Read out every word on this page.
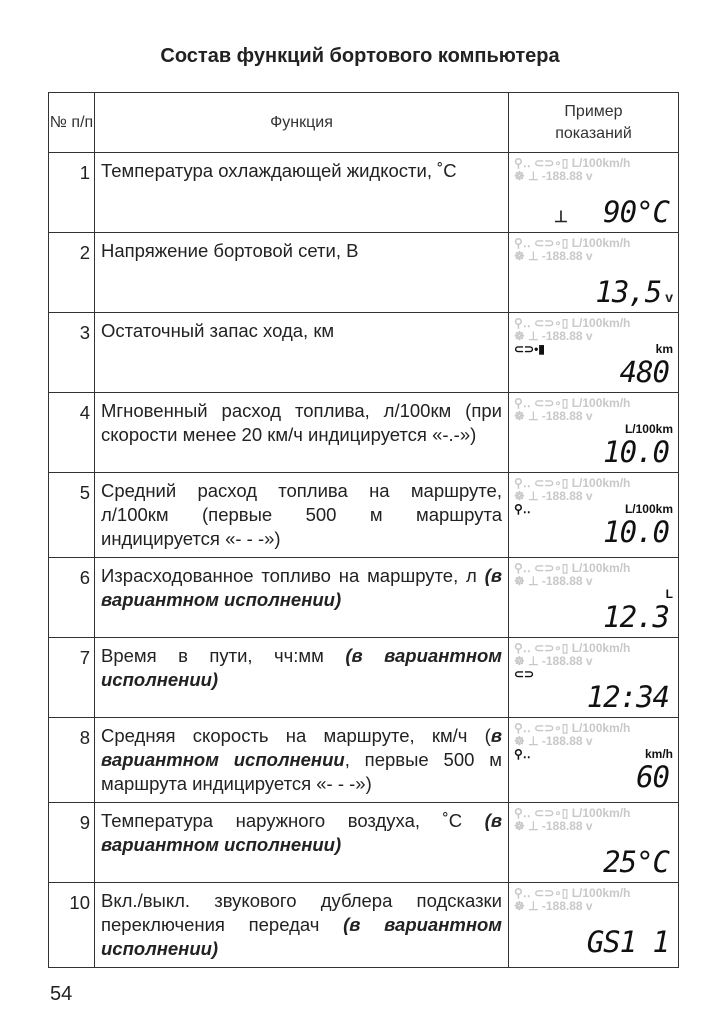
Состав функций бортового компьютера
№ п/п	Функция	Пример показаний
1	Температура охлаждающей жидкости, ˚С	⚲‥ ⊂⊃∘▯ L/100km/h
☸ ⊥ -188.88 v
⊥ 90°C

2	Напряжение бортовой сети, В	⚲‥ ⊂⊃∘▯ L/100km/h
☸ ⊥ -188.88 v
13,5 v

3	Остаточный запас хода, км	⚲‥ ⊂⊃∘▯ L/100km/h
☸ ⊥ -188.88 v
⊂⊃•▮ km
480

4	Мгновенный расход топлива, л/100км (при скорости менее 20 км/ч индицируется «-.-»)	⚲‥ ⊂⊃∘▯ L/100km/h
☸ ⊥ -188.88 v
L/100km
10.0

5	Средний расход топлива на маршруте, л/100км (первые 500 м маршрута индицируется «- - -»)	⚲‥ ⊂⊃∘▯ L/100km/h
☸ ⊥ -188.88 v
⚲‥ L/100km
10.0

6	Израсходованное топливо на маршруте, л (в вариантном исполнении)	⚲‥ ⊂⊃∘▯ L/100km/h
☸ ⊥ -188.88 v
L
12.3

7	Время в пути, чч:мм (в вариантном исполнении)	⚲‥ ⊂⊃∘▯ L/100km/h
☸ ⊥ -188.88 v
⊂⊃
12:34

8	Средняя скорость на маршруте, км/ч (в вариантном исполнении, первые 500 м маршрута индицируется «- - -»)	⚲‥ ⊂⊃∘▯ L/100km/h
☸ ⊥ -188.88 v
⚲‥ km/h
60

9	Температура наружного воздуха, ˚С (в вариантном исполнении)	⚲‥ ⊂⊃∘▯ L/100km/h
☸ ⊥ -188.88 v
25°C

10	Вкл./выкл. звукового дублера подсказки переключения передач (в вариантном исполнении)	⚲‥ ⊂⊃∘▯ L/100km/h
☸ ⊥ -188.88 v
GS1 1
54
